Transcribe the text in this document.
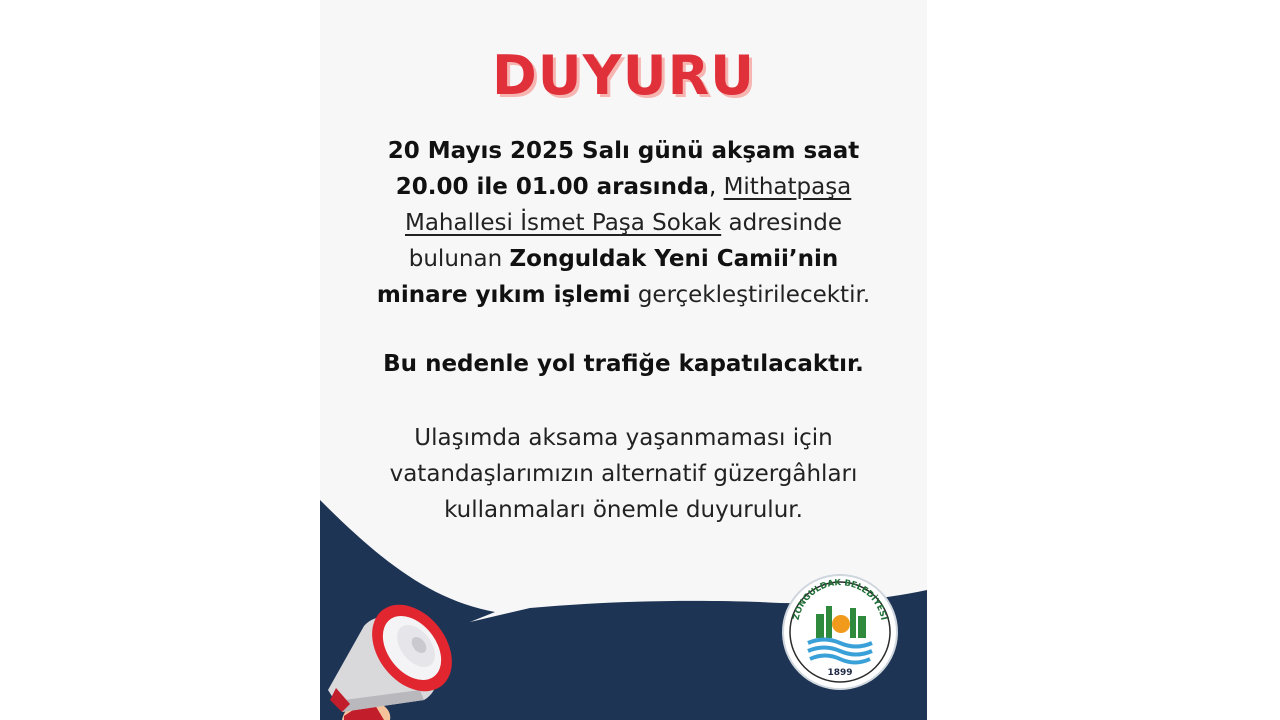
ZONGULDAK BELEDİYESİ
1899
DUYURU

20 Mayıs 2025 Salı günü akşam saat

20.00 ile 01.00 arasında, Mithatpaşa

Mahallesi İsmet Paşa Sokak adresinde

bulunan Zonguldak Yeni Camii’nin

minare yıkım işlemi gerçekleştirilecektir.

Bu nedenle yol trafiğe kapatılacaktır.

Ulaşımda aksama yaşanmaması için

vatandaşlarımızın alternatif güzergâhları

kullanmaları önemle duyurulur.
